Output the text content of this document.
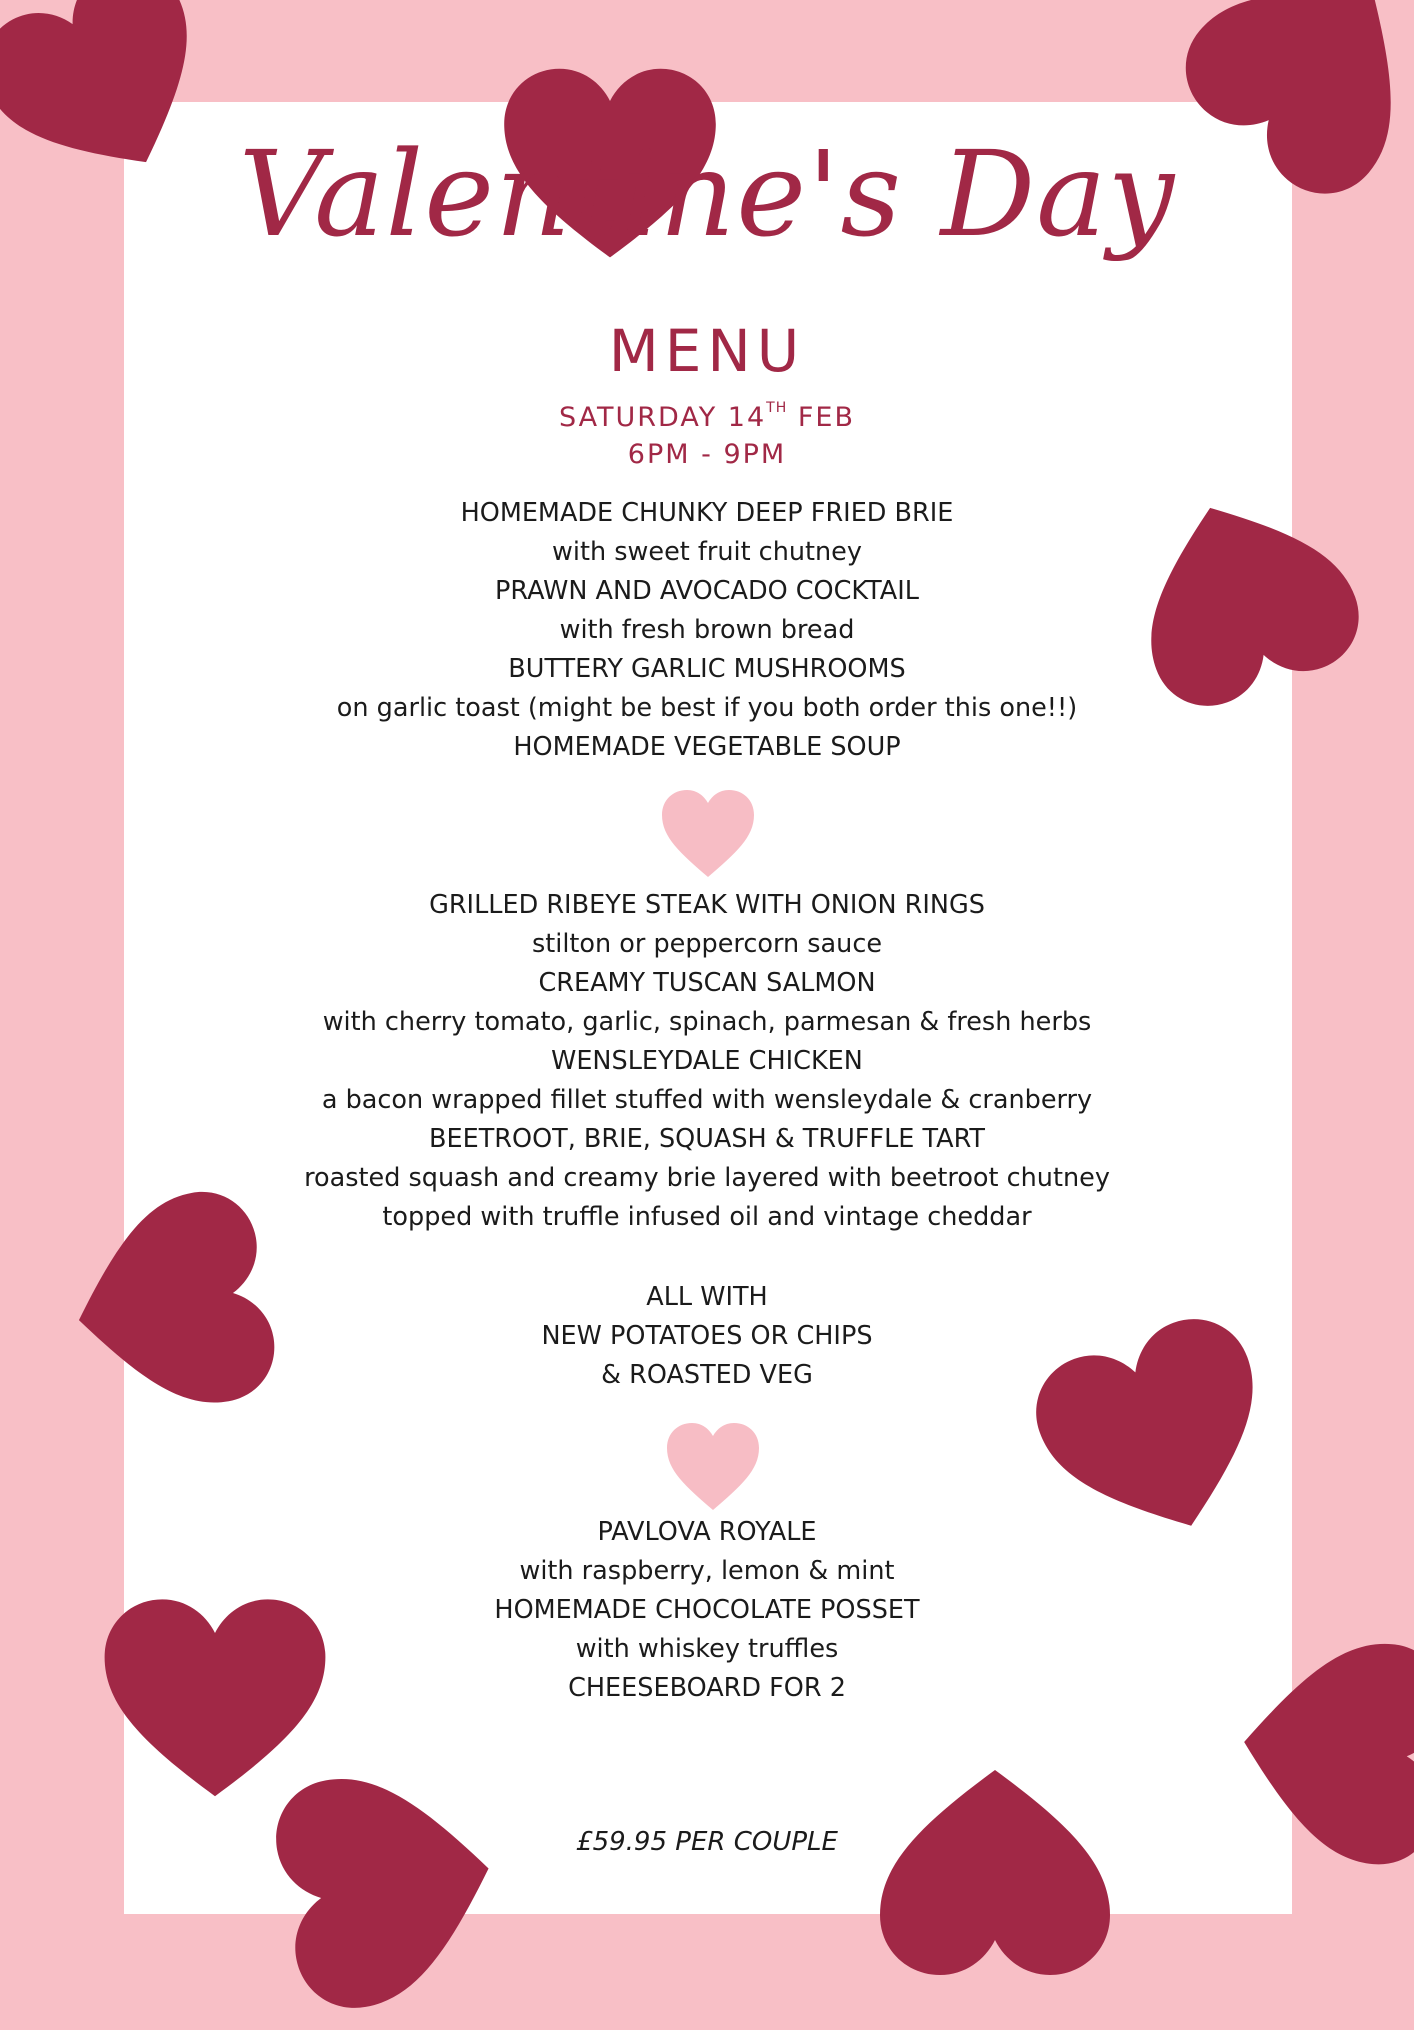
Valentine's Day
MENU
SATURDAY 14TH FEB
6PM - 9PM
HOMEMADE CHUNKY DEEP FRIED BRIE
with sweet fruit chutney
PRAWN AND AVOCADO COCKTAIL
with fresh brown bread
BUTTERY GARLIC MUSHROOMS
on garlic toast (might be best if you both order this one!!)
HOMEMADE VEGETABLE SOUP
GRILLED RIBEYE STEAK WITH ONION RINGS
stilton or peppercorn sauce
CREAMY TUSCAN SALMON
with cherry tomato, garlic, spinach, parmesan & fresh herbs
WENSLEYDALE CHICKEN
a bacon wrapped fillet stuffed with wensleydale & cranberry
BEETROOT, BRIE, SQUASH & TRUFFLE TART
roasted squash and creamy brie layered with beetroot chutney
topped with truffle infused oil and vintage cheddar
ALL WITH
NEW POTATOES OR CHIPS
& ROASTED VEG
PAVLOVA ROYALE
with raspberry, lemon & mint
HOMEMADE CHOCOLATE POSSET
with whiskey truffles
CHEESEBOARD FOR 2
£59.95 PER COUPLE
